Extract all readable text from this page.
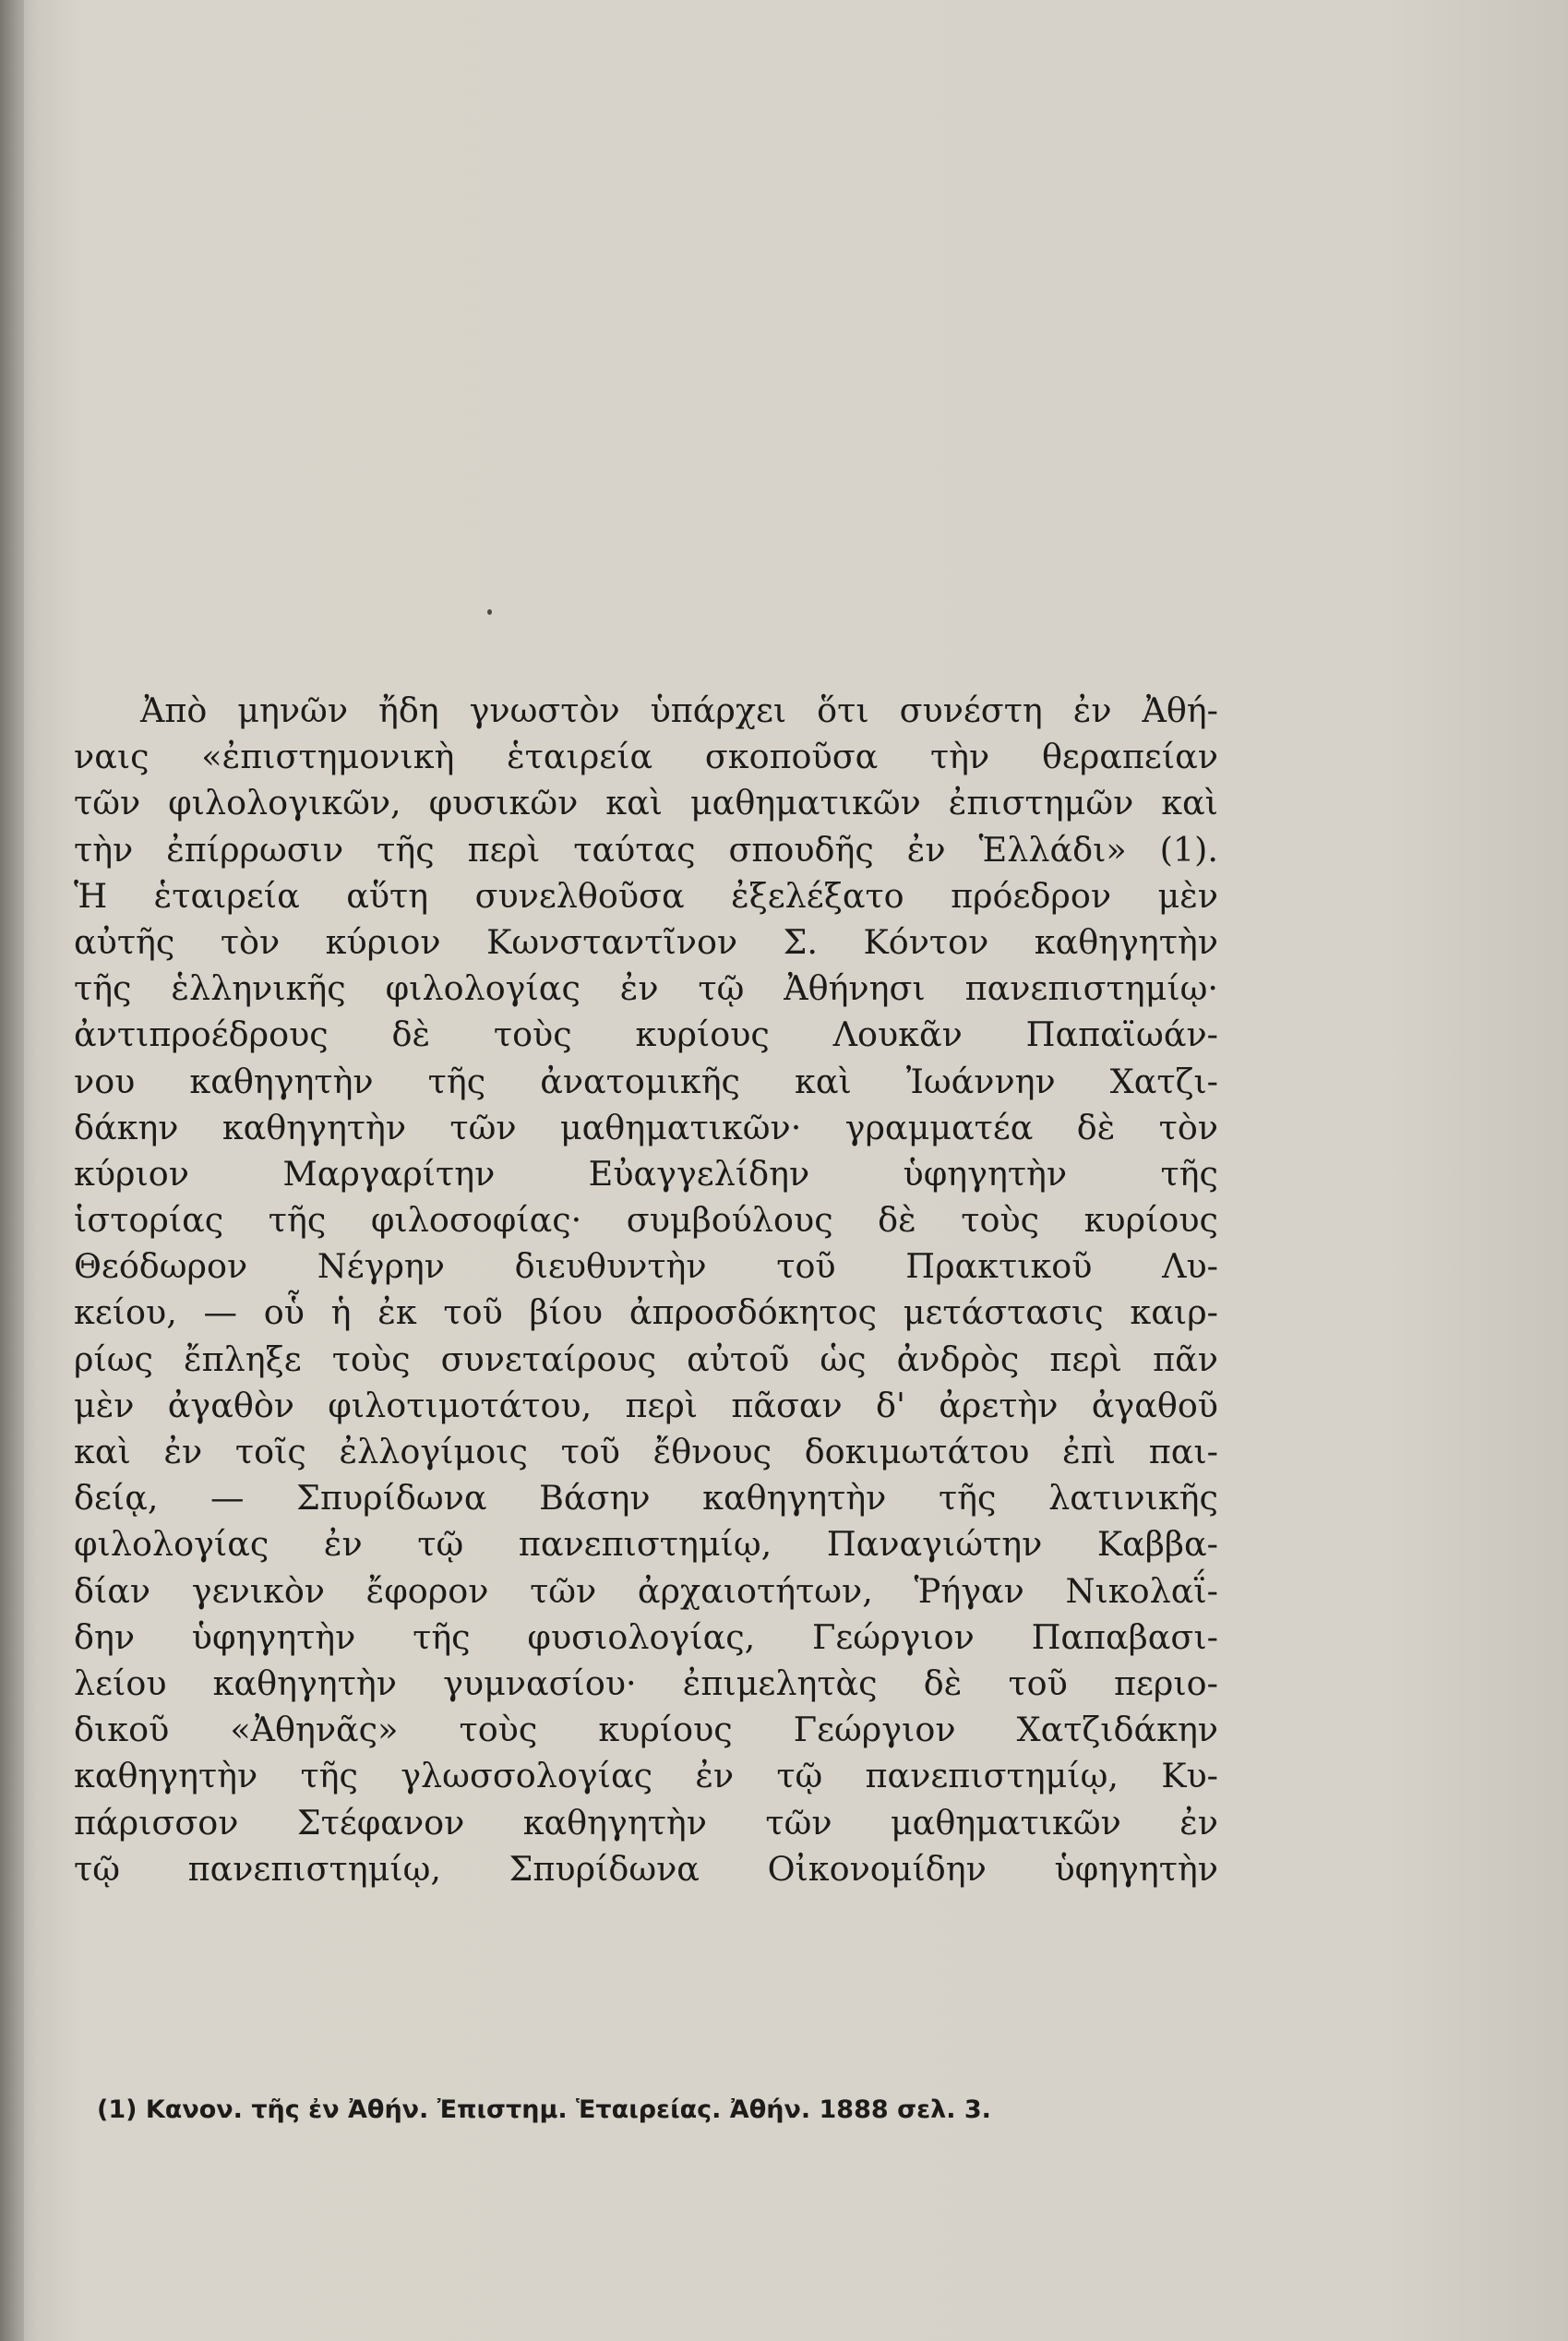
Ἀπὸ μηνῶν ἤδη γνωστὸν ὑπάρχει ὅτι συνέστη ἐν Ἀθή-
ναις «ἐπιστημονικὴ ἑταιρεία σκοποῦσα τὴν θεραπείαν
τῶν φιλολογικῶν, φυσικῶν καὶ μαθηματικῶν ἐπιστημῶν καὶ
τὴν ἐπίρρωσιν τῆς περὶ ταύτας σπουδῆς ἐν Ἑλλάδι» (1).
Ἡ ἑταιρεία αὕτη συνελθοῦσα ἐξελέξατο πρόεδρον μὲν
αὐτῆς τὸν κύριον Κωνσταντῖνον Σ. Κόντον καθηγητὴν
τῆς ἑλληνικῆς φιλολογίας ἐν τῷ Ἀθήνησι πανεπιστημίῳ·
ἀντιπροέδρους δὲ τοὺς κυρίους Λουκᾶν Παπαϊωάν-
νου καθηγητὴν τῆς ἀνατομικῆς καὶ Ἰωάννην Χατζι-
δάκην καθηγητὴν τῶν μαθηματικῶν· γραμματέα δὲ τὸν
κύριον Μαργαρίτην Εὐαγγελίδην ὑφηγητὴν τῆς
ἱστορίας τῆς φιλοσοφίας· συμβούλους δὲ τοὺς κυρίους
Θεόδωρον Νέγρην διευθυντὴν τοῦ Πρακτικοῦ Λυ-
κείου, — οὗ ἡ ἐκ τοῦ βίου ἀπροσδόκητος μετάστασις καιρ-
ρίως ἔπληξε τοὺς συνεταίρους αὐτοῦ ὡς ἀνδρὸς περὶ πᾶν
μὲν ἀγαθὸν φιλοτιμοτάτου, περὶ πᾶσαν δ' ἀρετὴν ἀγαθοῦ
καὶ ἐν τοῖς ἐλλογίμοις τοῦ ἔθνους δοκιμωτάτου ἐπὶ παι-
δείᾳ, — Σπυρίδωνα Βάσην καθηγητὴν τῆς λατινικῆς
φιλολογίας ἐν τῷ πανεπιστημίῳ, Παναγιώτην Καββα-
δίαν γενικὸν ἔφορον τῶν ἀρχαιοτήτων, Ῥήγαν Νικολαΐ-
δην ὑφηγητὴν τῆς φυσιολογίας, Γεώργιον Παπαβασι-
λείου καθηγητὴν γυμνασίου· ἐπιμελητὰς δὲ τοῦ περιο-
δικοῦ «Ἀθηνᾶς» τοὺς κυρίους Γεώργιον Χατζιδάκην
καθηγητὴν τῆς γλωσσολογίας ἐν τῷ πανεπιστημίῳ, Κυ-
πάρισσον Στέφανον καθηγητὴν τῶν μαθηματικῶν ἐν
τῷ πανεπιστημίῳ, Σπυρίδωνα Οἰκονομίδην ὑφηγητὴν
(1) Κανον. τῆς ἐν Ἀθήν. Ἐπιστημ. Ἑταιρείας. Ἀθήν. 1888 σελ. 3.
